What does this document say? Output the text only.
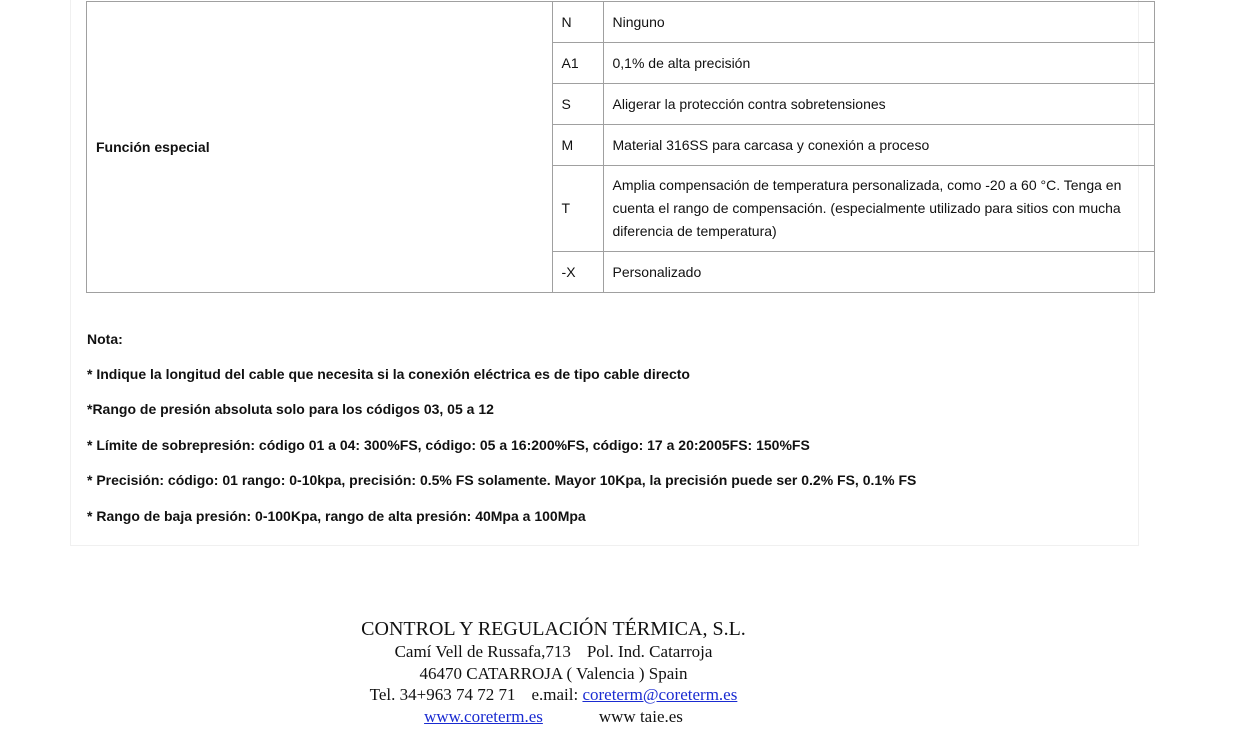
Función especial	N	Ninguno
	A1	0,1% de alta precisión
	S	Aligerar la protección contra sobretensiones
	M	Material 316SS para carcasa y conexión a proceso
	T	Amplia compensación de temperatura personalizada, como -20 a 60 °C. Tenga en cuenta el rango de compensación. (especialmente utilizado para sitios con mucha diferencia de temperatura)
	-X	Personalizado

Nota:

* Indique la longitud del cable que necesita si la conexión eléctrica es de tipo cable directo

*Rango de presión absoluta solo para los códigos 03, 05 a 12

* Límite de sobrepresión: código 01 a 04: 300%FS, código: 05 a 16:200%FS, código: 17 a 20:2005FS: 150%FS

* Precisión: código: 01 rango: 0-10kpa, precisión: 0.5% FS solamente. Mayor 10Kpa, la precisión puede ser 0.2% FS, 0.1% FS

* Rango de baja presión: 0-100Kpa, rango de alta presión: 40Mpa a 100Mpa

CONTROL Y REGULACIÓN TÉRMICA, S.L.
Camí Vell de Russafa,713 Pol. Ind. Catarroja
46470 CATARROJA ( Valencia ) Spain
Tel. 34+963 74 72 71 e.mail: coreterm@coreterm.es
www.coreterm.es	www taie.es
